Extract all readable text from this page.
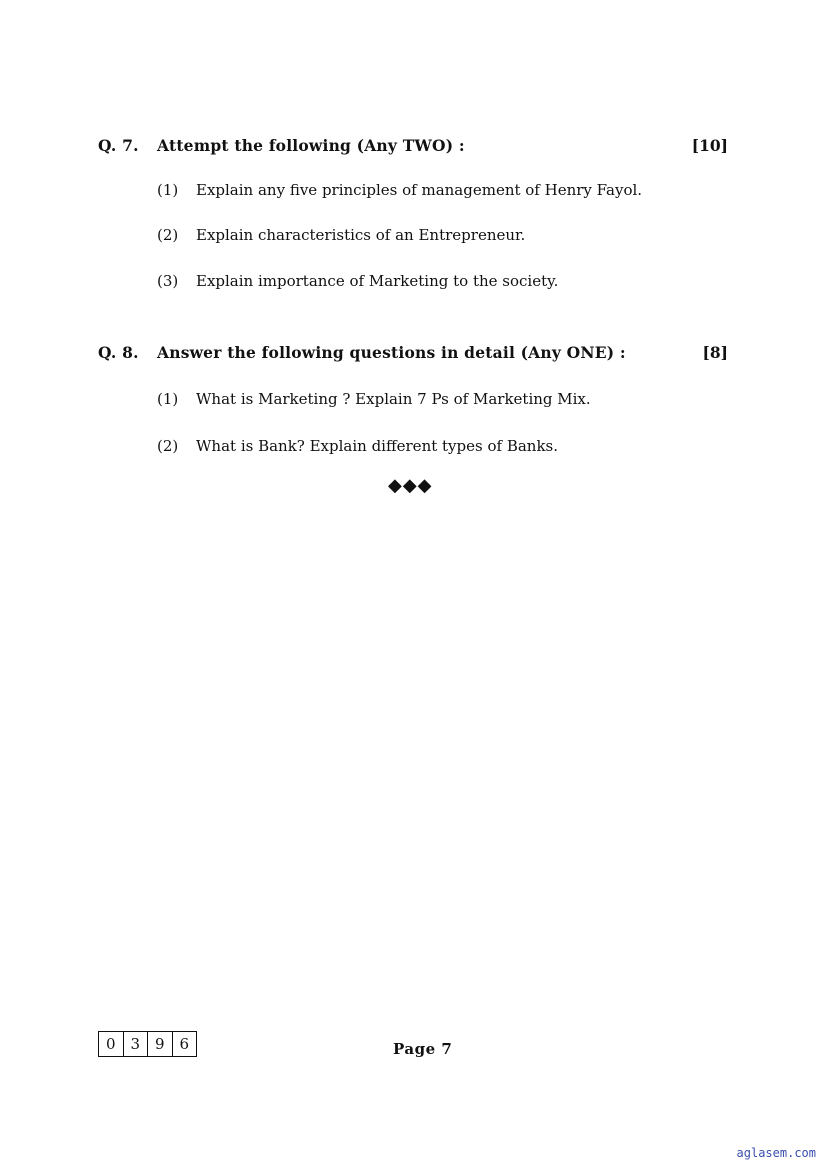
Q. 7. Attempt the following (Any TWO) :	[10]
(1) Explain any five principles of management of Henry Fayol.
(2) Explain characteristics of an Entrepreneur.
(3) Explain importance of Marketing to the society.
Q. 8. Answer the following questions in detail (Any ONE) :	[8]
(1) What is Marketing ? Explain 7 Ps of Marketing Mix.
(2) What is Bank? Explain different types of Banks.
◆◆◆
0 3 9 6	Page 7
aglasem.com
